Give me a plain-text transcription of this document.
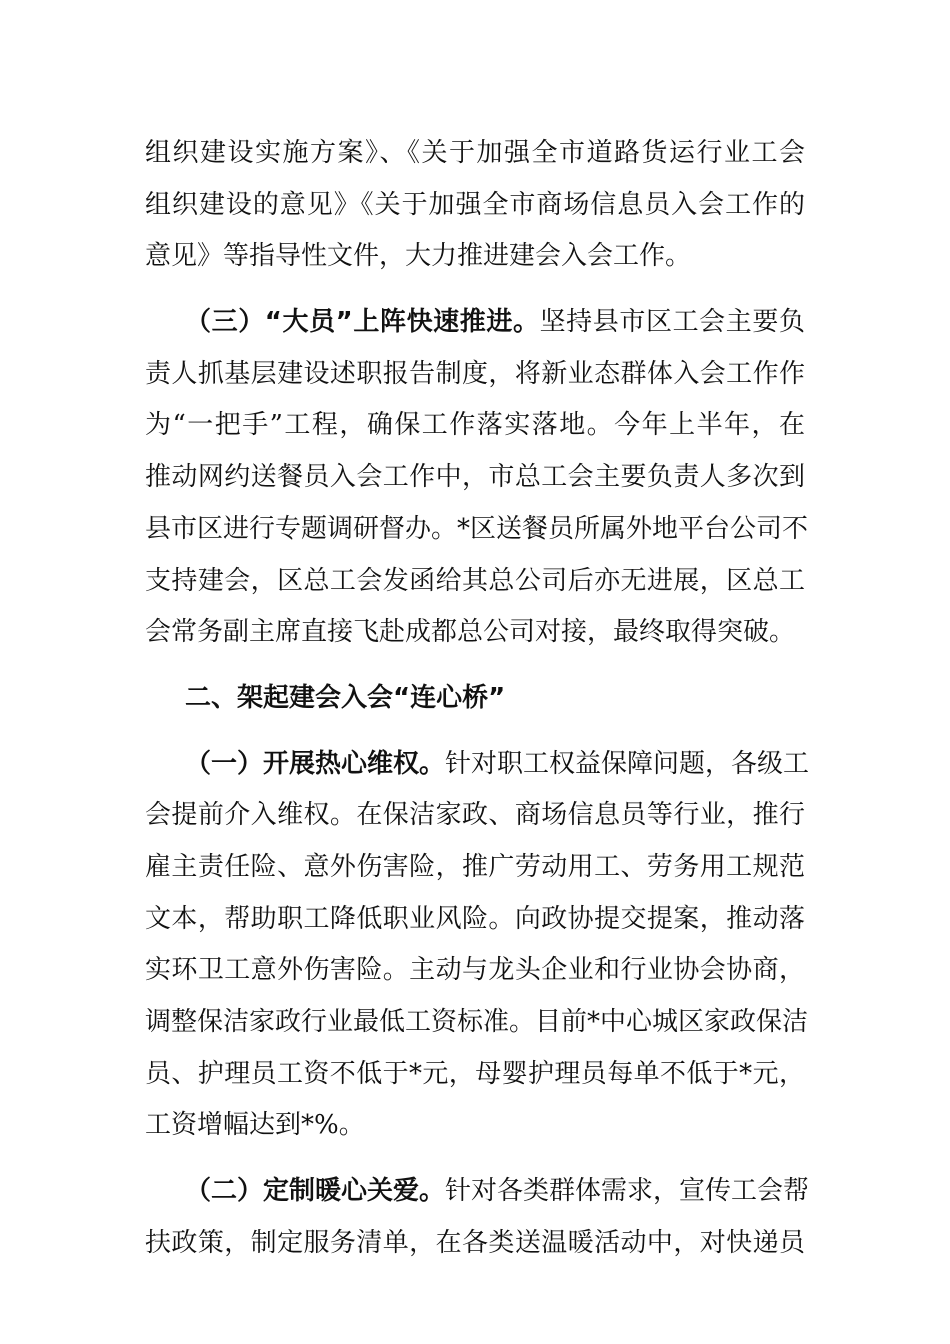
组织建设实施方案》、《关于加强全市道路货运行业工会
组织建设的意见》《关于加强全市商场信息员入会工作的
意见》等指导性文件，大力推进建会入会工作。
（三）“大员”上阵快速推进。坚持县市区工会主要负
责人抓基层建设述职报告制度，将新业态群体入会工作作
为“一把手”工程，确保工作落实落地。今年上半年，在
推动网约送餐员入会工作中，市总工会主要负责人多次到
县市区进行专题调研督办。*区送餐员所属外地平台公司不
支持建会，区总工会发函给其总公司后亦无进展，区总工
会常务副主席直接飞赴成都总公司对接，最终取得突破。
二、架起建会入会“连心桥”
（一）开展热心维权。针对职工权益保障问题，各级工
会提前介入维权。在保洁家政、商场信息员等行业，推行
雇主责任险、意外伤害险，推广劳动用工、劳务用工规范
文本，帮助职工降低职业风险。向政协提交提案，推动落
实环卫工意外伤害险。主动与龙头企业和行业协会协商，
调整保洁家政行业最低工资标准。目前*中心城区家政保洁
员、护理员工资不低于*元，母婴护理员每单不低于*元，
工资增幅达到*%。
（二）定制暖心关爱。针对各类群体需求，宣传工会帮
扶政策，制定服务清单，在各类送温暖活动中，对快递员
